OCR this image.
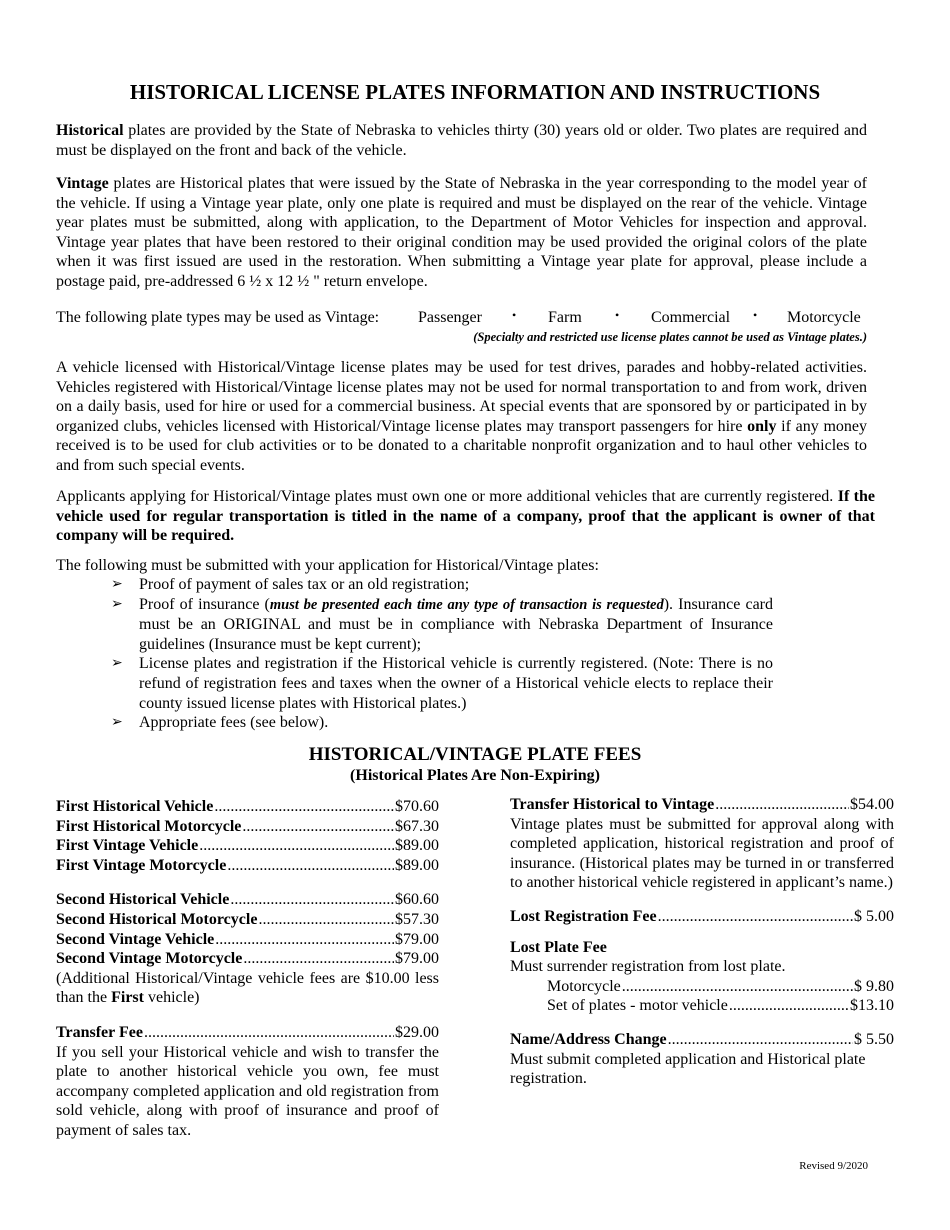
HISTORICAL LICENSE PLATES INFORMATION AND INSTRUCTIONS

Historical plates are provided by the State of Nebraska to vehicles thirty (30) years old or older. Two plates are required and must be displayed on the front and back of the vehicle.

Vintage plates are Historical plates that were issued by the State of Nebraska in the year corresponding to the model year of the vehicle. If using a Vintage year plate, only one plate is required and must be displayed on the rear of the vehicle. Vintage year plates must be submitted, along with application, to the Department of Motor Vehicles for inspection and approval. Vintage year plates that have been restored to their original condition may be used provided the original colors of the plate when it was first issued are used in the restoration. When submitting a Vintage year plate for approval, please include a postage paid, pre-addressed 6 ½ x 12 ½ " return envelope.

The following plate types may be used as Vintage: Passenger	• Farm	• Commercial • Motorcycle
(Specialty and restricted use license plates cannot be used as Vintage plates.)

A vehicle licensed with Historical/Vintage license plates may be used for test drives, parades and hobby-related activities. Vehicles registered with Historical/Vintage license plates may not be used for normal transportation to and from work, driven on a daily basis, used for hire or used for a commercial business. At special events that are sponsored by or participated in by organized clubs, vehicles licensed with Historical/Vintage license plates may transport passengers for hire only if any money received is to be used for club activities or to be donated to a charitable nonprofit organization and to haul other vehicles to and from such special events.

Applicants applying for Historical/Vintage plates must own one or more additional vehicles that are currently registered. If the vehicle used for regular transportation is titled in the name of a company, proof that the applicant is owner of that company will be required.

The following must be submitted with your application for Historical/Vintage plates:

➢ Proof of payment of sales tax or an old registration;
➢ Proof of insurance (must be presented each time any type of transaction is requested). Insurance card must be an ORIGINAL and must be in compliance with Nebraska Department of Insurance guidelines (Insurance must be kept current);
➢ License plates and registration if the Historical vehicle is currently registered. (Note: There is no refund of registration fees and taxes when the owner of a Historical vehicle elects to replace their county issued license plates with Historical plates.)
➢ Appropriate fees (see below).
HISTORICAL/VINTAGE PLATE FEES
(Historical Plates Are Non-Expiring)
First Historical Vehicle .....	$70.60
First Historical Motorcycle .....	$67.30
First Vintage Vehicle .....	$89.00
First Vintage Motorcycle .....	$89.00
Second Historical Vehicle .....	$60.60
Second Historical Motorcycle .....	$57.30
Second Vintage Vehicle .....	$79.00
Second Vintage Motorcycle .....	$79.00
(Additional Historical/Vintage vehicle fees are $10.00 less than the First vehicle)
Transfer Fee .....	$29.00
If you sell your Historical vehicle and wish to transfer the plate to another historical vehicle you own, fee must accompany completed application and old registration from sold vehicle, along with proof of insurance and proof of payment of sales tax.
Transfer Historical to Vintage .....	$54.00
Vintage plates must be submitted for approval along with completed application, historical registration and proof of insurance. (Historical plates may be turned in or transferred to another historical vehicle registered in applicant’s name.)
Lost Registration Fee .....	$ 5.00
Lost Plate Fee
Must surrender registration from lost plate.
Motorcycle .....	$ 9.80
Set of plates - motor vehicle .....	$13.10
Name/Address Change .....	$ 5.50
Must submit completed application and Historical plate registration.
Revised 9/2020
